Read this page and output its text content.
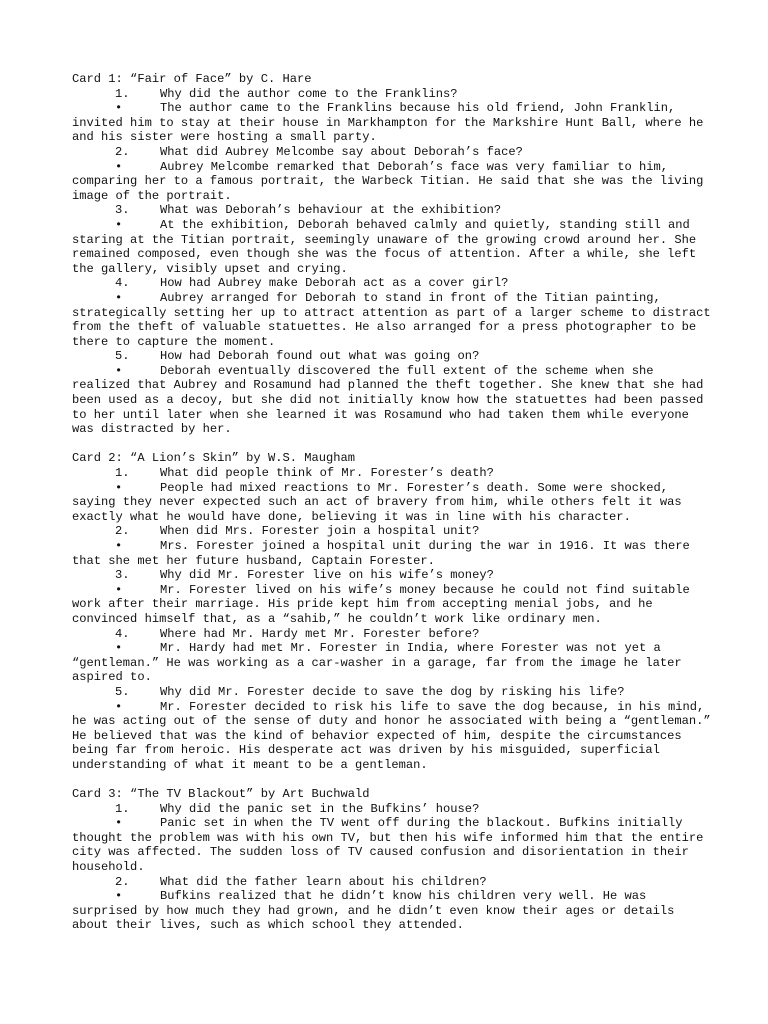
Card 1: “Fair of Face” by C. Hare

1.	Why did the author come to the Franklins?

•The author came to the Franklins because his old friend, John Franklin, invited him to stay at their house in Markhampton for the Markshire Hunt Ball, where he and his sister were hosting a small party.

2.	What did Aubrey Melcombe say about Deborah’s face?

•Aubrey Melcombe remarked that Deborah’s face was very familiar to him, comparing her to a famous portrait, the Warbeck Titian. He said that she was the living image of the portrait.

3.	What was Deborah’s behaviour at the exhibition?

•At the exhibition, Deborah behaved calmly and quietly, standing still and staring at the Titian portrait, seemingly unaware of the growing crowd around her. She remained composed, even though she was the focus of attention. After a while, she left the gallery, visibly upset and crying.

4.	How had Aubrey make Deborah act as a cover girl?

•Aubrey arranged for Deborah to stand in front of the Titian painting, strategically setting her up to attract attention as part of a larger scheme to distract from the theft of valuable statuettes. He also arranged for a press photographer to be there to capture the moment.

5.	How had Deborah found out what was going on?

•Deborah eventually discovered the full extent of the scheme when she realized that Aubrey and Rosamund had planned the theft together. She knew that she had been used as a decoy, but she did not initially know how the statuettes had been passed to her until later when she learned it was Rosamund who had taken them while everyone was distracted by her.

Card 2: “A Lion’s Skin” by W.S. Maugham

1.	What did people think of Mr. Forester’s death?

•People had mixed reactions to Mr. Forester’s death. Some were shocked, saying they never expected such an act of bravery from him, while others felt it was exactly what he would have done, believing it was in line with his character.

2.	When did Mrs. Forester join a hospital unit?

•Mrs. Forester joined a hospital unit during the war in 1916. It was there that she met her future husband, Captain Forester.

3.	Why did Mr. Forester live on his wife’s money?

•Mr. Forester lived on his wife’s money because he could not find suitable work after their marriage. His pride kept him from accepting menial jobs, and he convinced himself that, as a “sahib,” he couldn’t work like ordinary men.

4.	Where had Mr. Hardy met Mr. Forester before?

•Mr. Hardy had met Mr. Forester in India, where Forester was not yet a “gentleman.” He was working as a car-washer in a garage, far from the image he later aspired to.

5.	Why did Mr. Forester decide to save the dog by risking his life?

•Mr. Forester decided to risk his life to save the dog because, in his mind, he was acting out of the sense of duty and honor he associated with being a “gentleman.” He believed that was the kind of behavior expected of him, despite the circumstances being far from heroic. His desperate act was driven by his misguided, superficial understanding of what it meant to be a gentleman.

Card 3: “The TV Blackout” by Art Buchwald

1.	Why did the panic set in the Bufkins’ house?

•Panic set in when the TV went off during the blackout. Bufkins initially thought the problem was with his own TV, but then his wife informed him that the entire city was affected. The sudden loss of TV caused confusion and disorientation in their household.

2.	What did the father learn about his children?

•Bufkins realized that he didn’t know his children very well. He was surprised by how much they had grown, and he didn’t even know their ages or details about their lives, such as which school they attended.
